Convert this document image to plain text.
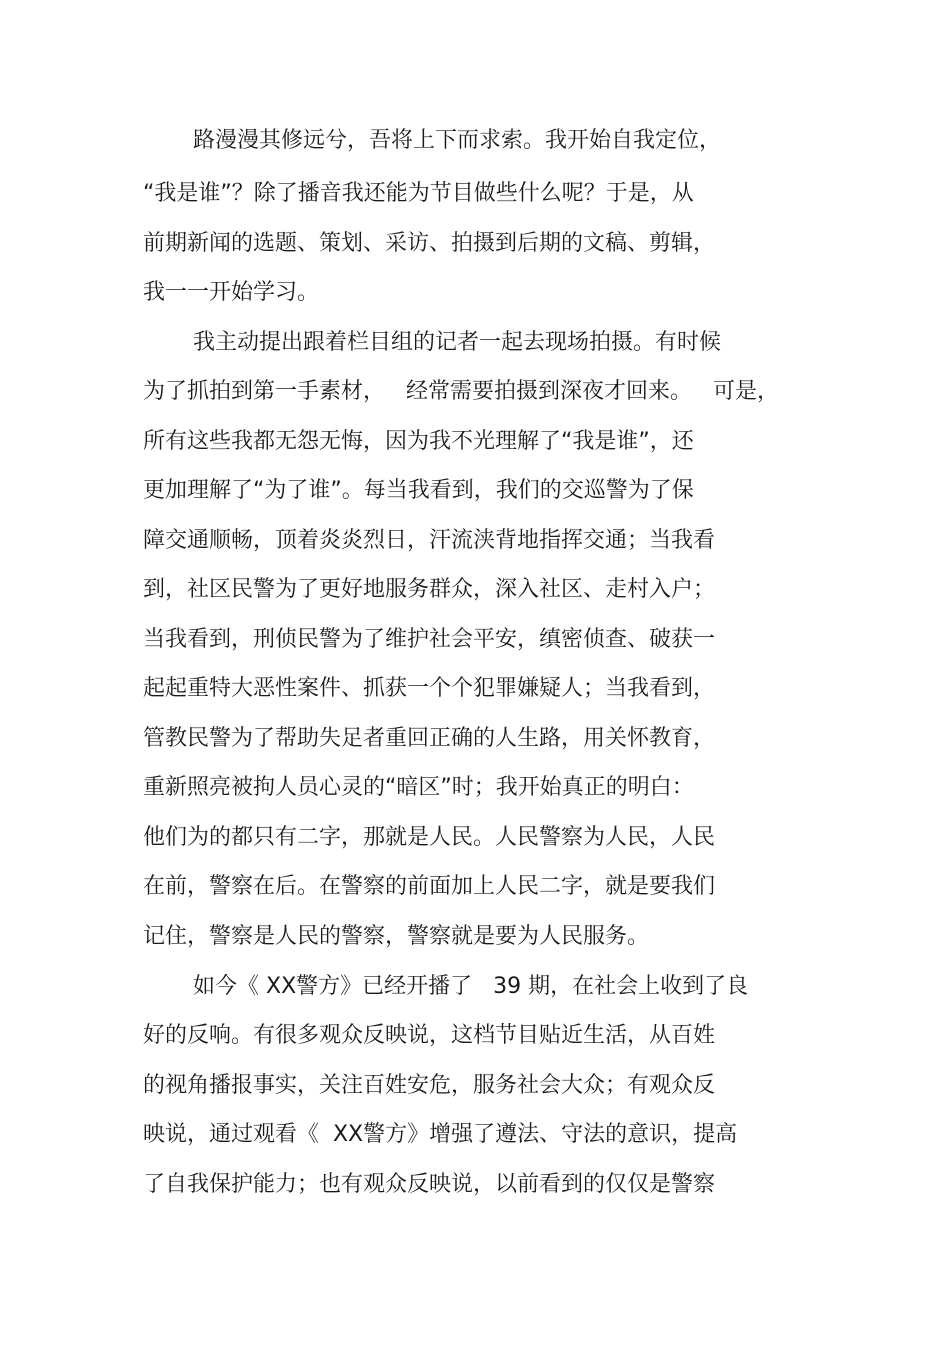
路漫漫其修远兮，吾将上下而求索。我开始自我定位，
“我是谁”？除了播音我还能为节目做些什么呢？于是，从
前期新闻的选题、策划、采访、拍摄到后期的文稿、剪辑，
我一一开始学习。
我主动提出跟着栏目组的记者一起去现场拍摄。有时候
为了抓拍到第一手素材，   经常需要拍摄到深夜才回来。   可是，
所有这些我都无怨无悔，因为我不光理解了“我是谁”，还
更加理解了“为了谁”。每当我看到，我们的交巡警为了保
障交通顺畅，顶着炎炎烈日，汗流浃背地指挥交通；当我看
到，社区民警为了更好地服务群众，深入社区、走村入户；
当我看到，刑侦民警为了维护社会平安，缜密侦查、破获一
起起重特大恶性案件、抓获一个个犯罪嫌疑人；当我看到，
管教民警为了帮助失足者重回正确的人生路，用关怀教育，
重新照亮被拘人员心灵的“暗区”时；我开始真正的明白：
他们为的都只有二字，那就是人民。人民警察为人民，人民
在前，警察在后。在警察的前面加上人民二字，就是要我们
记住，警察是人民的警察，警察就是要为人民服务。
如今《 XX警方》已经开播了   39 期，在社会上收到了良
好的反响。有很多观众反映说，这档节目贴近生活，从百姓
的视角播报事实，关注百姓安危，服务社会大众；有观众反
映说，通过观看《  XX警方》增强了遵法、守法的意识，提高
了自我保护能力；也有观众反映说，以前看到的仅仅是警察
